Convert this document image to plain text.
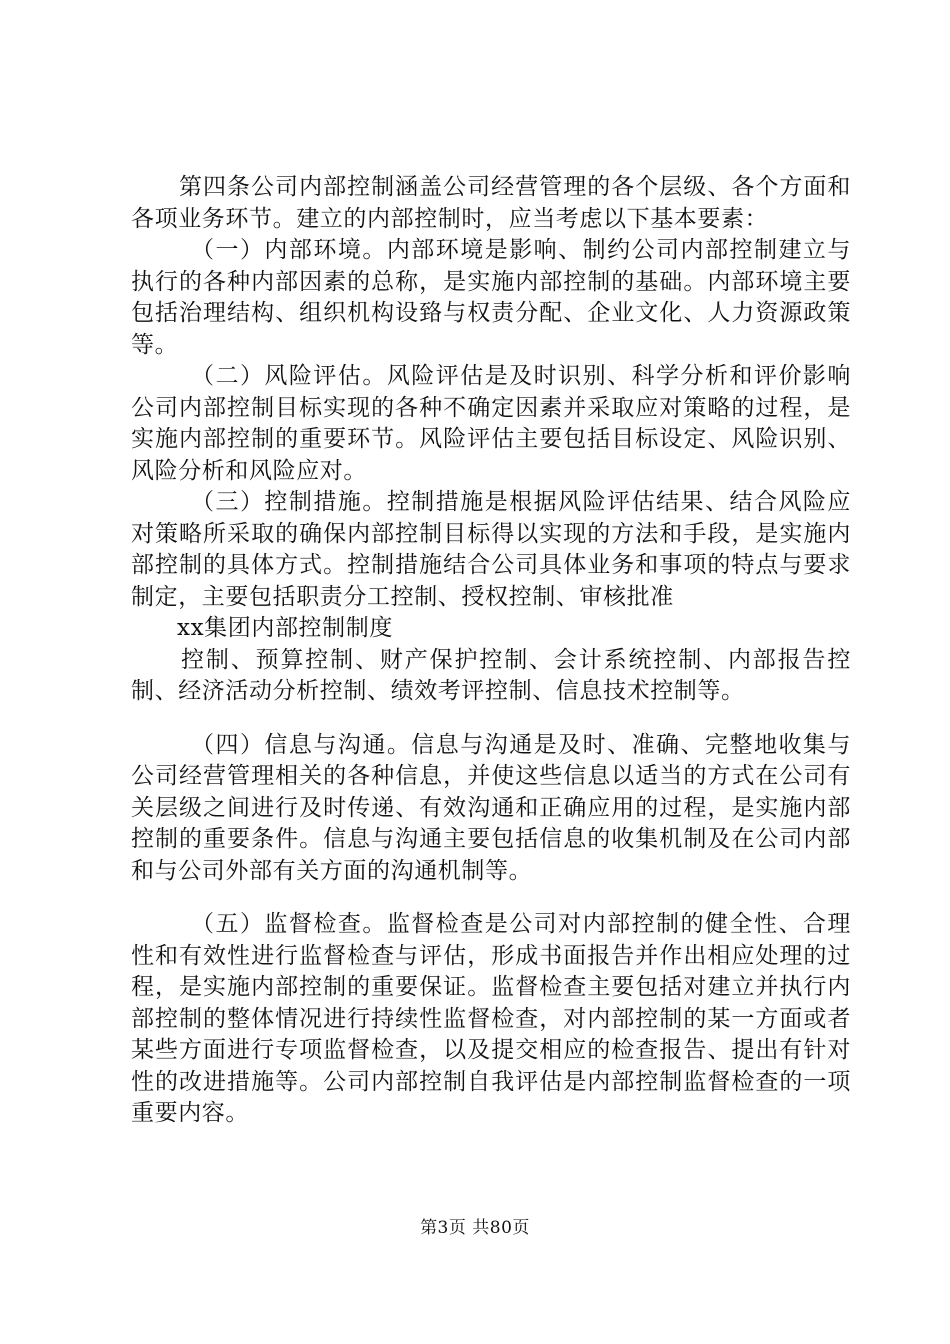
第四条公司内部控制涵盖公司经营管理的各个层级、各个方面和各项业务环节。建立的内部控制时，应当考虑以下基本要素：

（一）内部环境。内部环境是影响、制约公司内部控制建立与执行的各种内部因素的总称，是实施内部控制的基础。内部环境主要包括治理结构、组织机构设臵与权责分配、企业文化、人力资源政策等。

（二）风险评估。风险评估是及时识别、科学分析和评价影响公司内部控制目标实现的各种不确定因素并采取应对策略的过程，是实施内部控制的重要环节。风险评估主要包括目标设定、风险识别、风险分析和风险应对。

（三）控制措施。控制措施是根据风险评估结果、结合风险应对策略所采取的确保内部控制目标得以实现的方法和手段，是实施内部控制的具体方式。控制措施结合公司具体业务和事项的特点与要求制定，主要包括职责分工控制、授权控制、审核批准

xx集团内部控制制度

控制、预算控制、财产保护控制、会计系统控制、内部报告控制、经济活动分析控制、绩效考评控制、信息技术控制等。

（四）信息与沟通。信息与沟通是及时、准确、完整地收集与公司经营管理相关的各种信息，并使这些信息以适当的方式在公司有关层级之间进行及时传递、有效沟通和正确应用的过程，是实施内部控制的重要条件。信息与沟通主要包括信息的收集机制及在公司内部和与公司外部有关方面的沟通机制等。

（五）监督检查。监督检查是公司对内部控制的健全性、合理性和有效性进行监督检查与评估，形成书面报告并作出相应处理的过程，是实施内部控制的重要保证。监督检查主要包括对建立并执行内部控制的整体情况进行持续性监督检查，对内部控制的某一方面或者某些方面进行专项监督检查，以及提交相应的检查报告、提出有针对性的改进措施等。公司内部控制自我评估是内部控制监督检查的一项重要内容。

第3页 共80页
